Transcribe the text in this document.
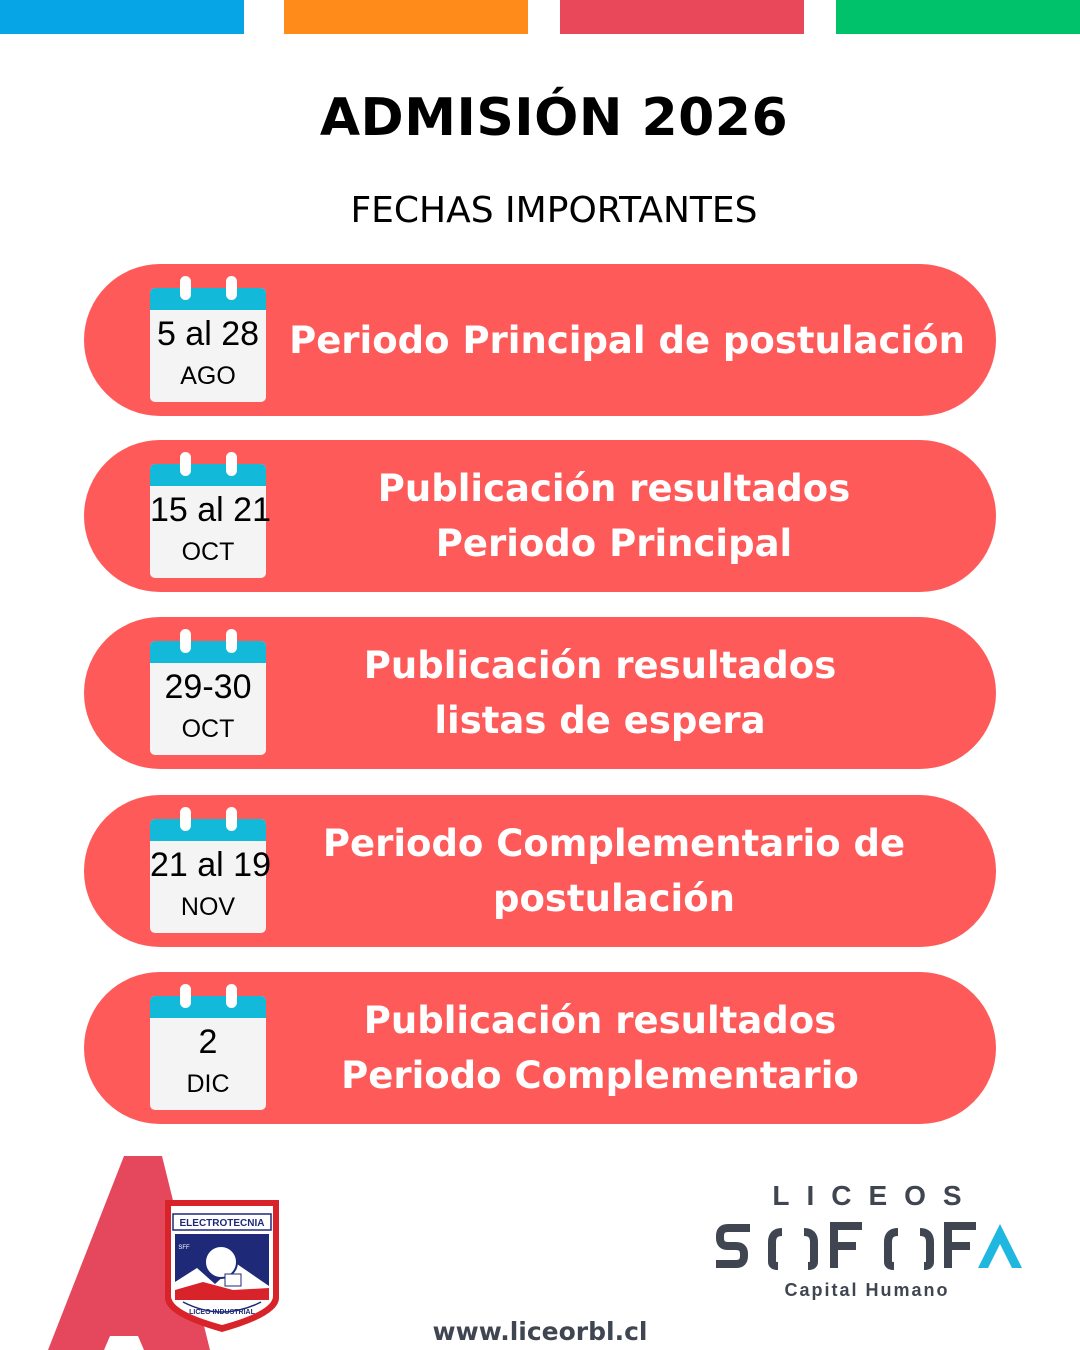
ADMISIÓN 2026
FECHAS IMPORTANTES
5 al 28
AGO
Periodo Principal de postulación
15 al 21
OCT
Publicación resultados
Periodo Principal
29-30
OCT
Publicación resultados
listas de espera
21 al 19
NOV
Periodo Complementario de
postulación
2
DIC
Publicación resultados
Periodo Complementario
ELECTROTECNIA
SFF
LICEO INDUSTRIAL
LICEOS
Capital Humano
www.liceorbl.cl
